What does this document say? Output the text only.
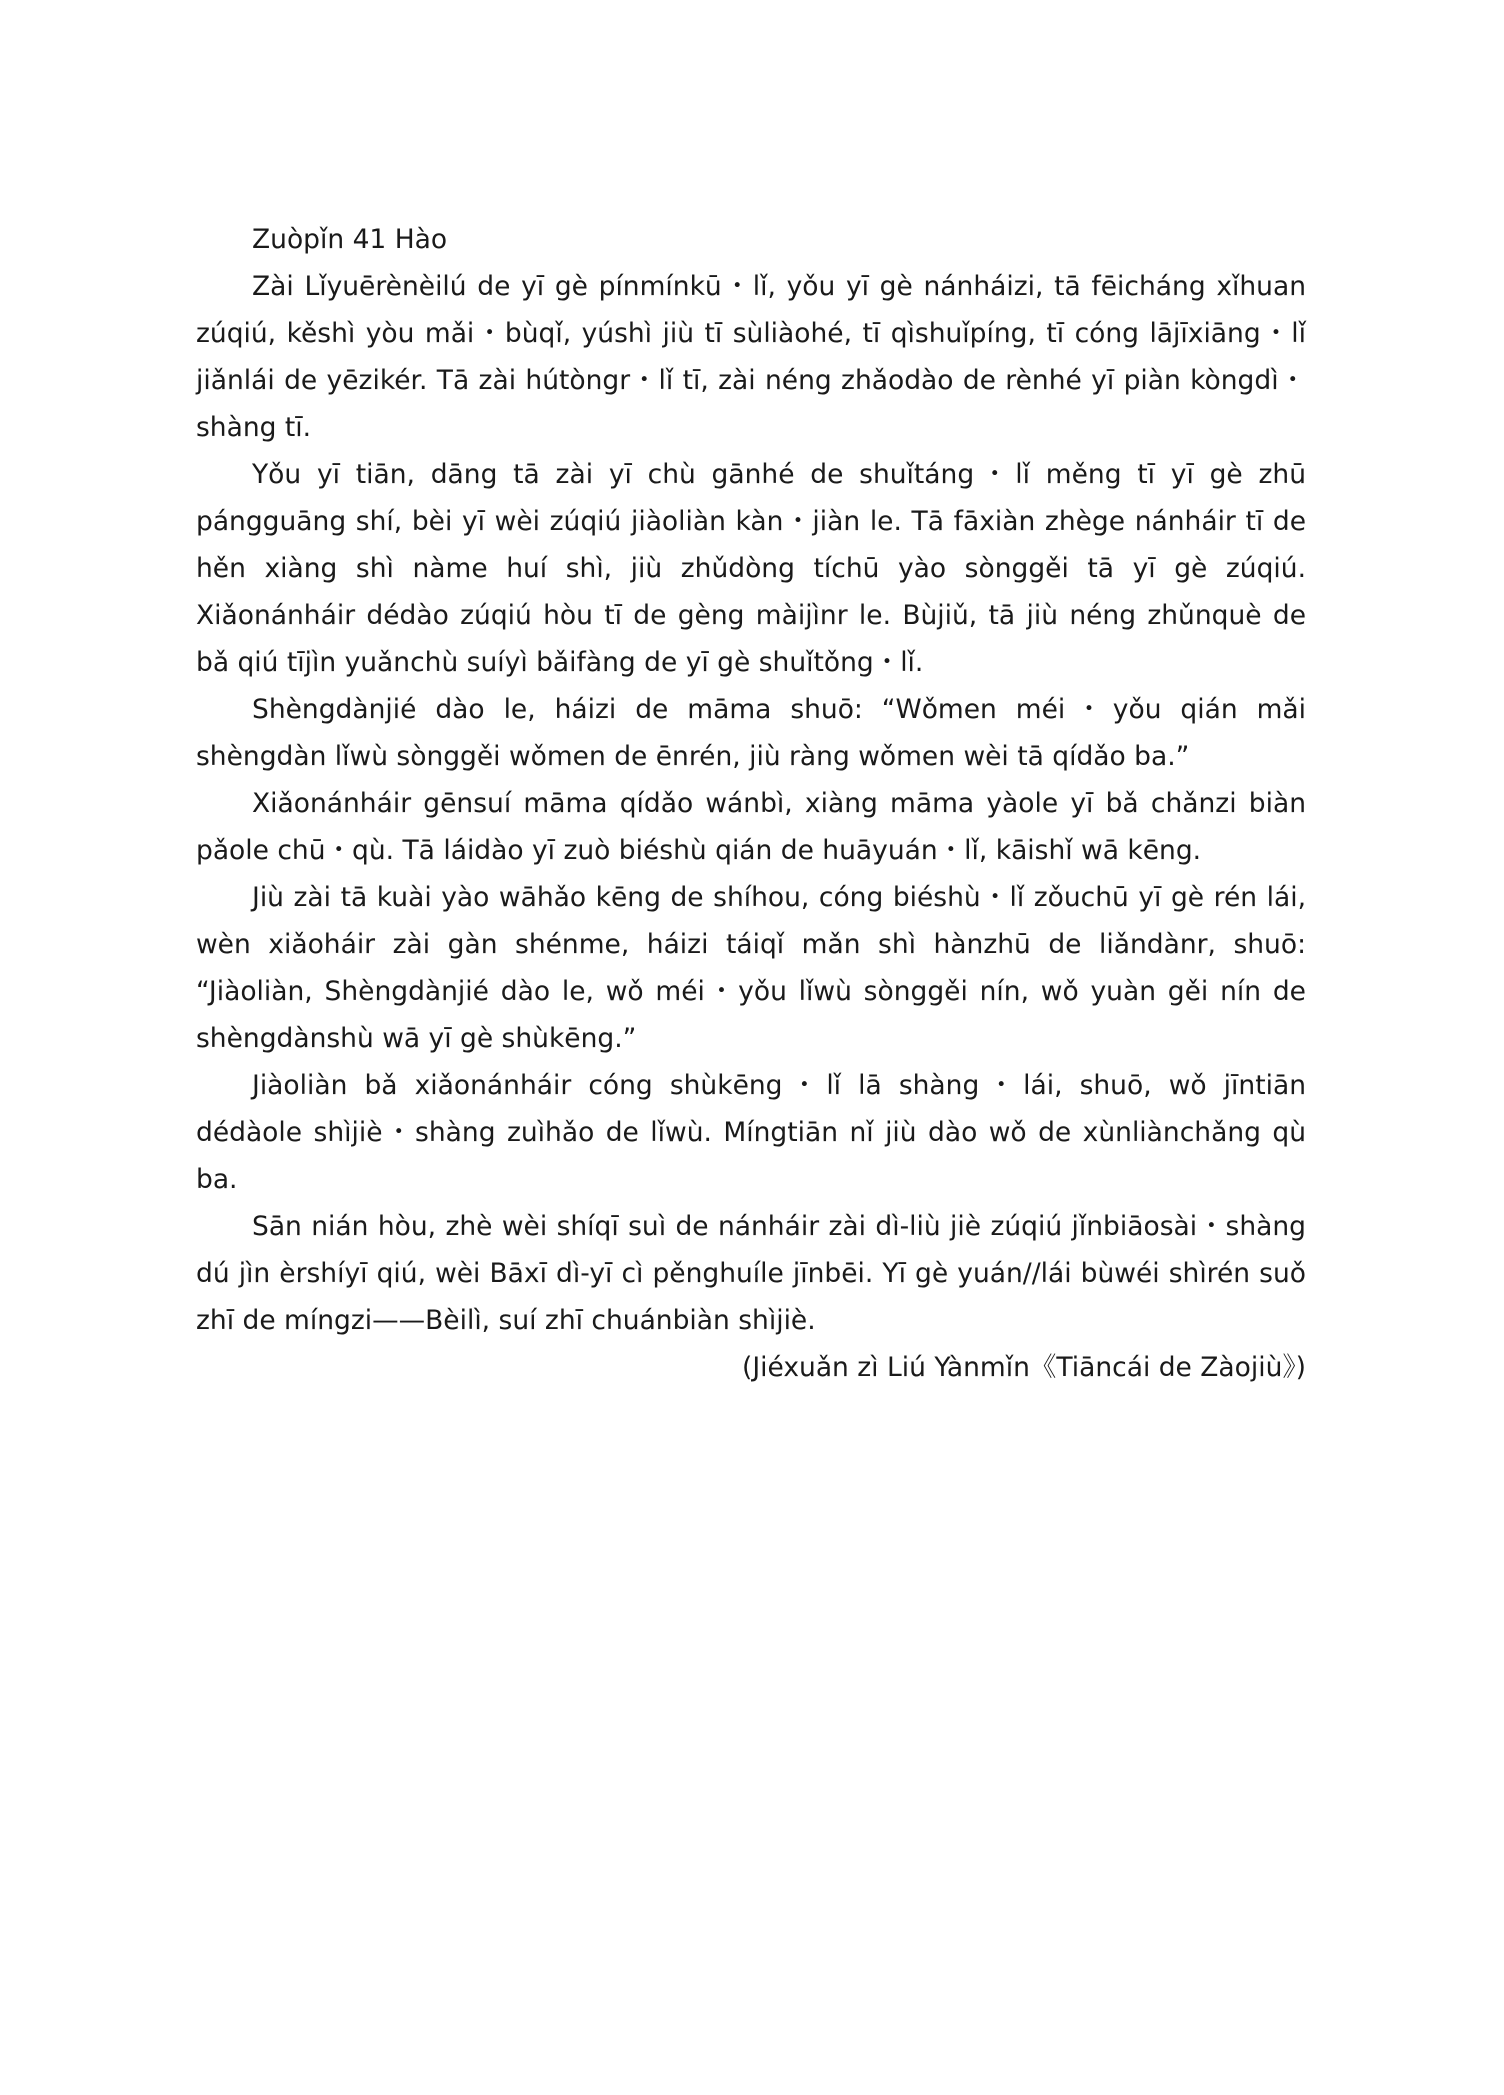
Zuòpǐn 41 Hào

Zài Lǐyuērènèilú de yī gè pínmínkū・lǐ, yǒu yī gè nánháizi, tā fēicháng xǐhuan zúqiú, kěshì yòu mǎi・bùqǐ, yúshì jiù tī sùliàohé, tī qìshuǐpíng, tī cóng lājīxiāng・lǐ jiǎnlái de yēzikér. Tā zài hútòngr・lǐ tī, zài néng zhǎodào de rènhé yī piàn kòngdì・shàng tī.

Yǒu yī tiān, dāng tā zài yī chù gānhé de shuǐtáng・lǐ měng tī yī gè zhū pángguāng shí, bèi yī wèi zúqiú jiàoliàn kàn・jiàn le. Tā fāxiàn zhège nánháir tī de hěn xiàng shì nàme huí shì, jiù zhǔdòng tíchū yào sònggěi tā yī gè zúqiú. Xiǎonánháir dédào zúqiú hòu tī de gèng màijìnr le. Bùjiǔ, tā jiù néng zhǔnquè de bǎ qiú tījìn yuǎnchù suíyì bǎifàng de yī gè shuǐtǒng・lǐ.

Shèngdànjié dào le, háizi de māma shuō: “Wǒmen méi・yǒu qián mǎi shèngdàn lǐwù sònggěi wǒmen de ēnrén, jiù ràng wǒmen wèi tā qídǎo ba.”

Xiǎonánháir gēnsuí māma qídǎo wánbì, xiàng māma yàole yī bǎ chǎnzi biàn pǎole chū・qù. Tā láidào yī zuò biéshù qián de huāyuán・lǐ, kāishǐ wā kēng.

Jiù zài tā kuài yào wāhǎo kēng de shíhou, cóng biéshù・lǐ zǒuchū yī gè rén lái, wèn xiǎoháir zài gàn shénme, háizi táiqǐ mǎn shì hànzhū de liǎndànr, shuō: “Jiàoliàn, Shèngdànjié dào le, wǒ méi・yǒu lǐwù sònggěi nín, wǒ yuàn gěi nín de shèngdànshù wā yī gè shùkēng.”

Jiàoliàn bǎ xiǎonánháir cóng shùkēng・lǐ lā shàng・lái, shuō, wǒ jīntiān dédàole shìjiè・shàng zuìhǎo de lǐwù. Míngtiān nǐ jiù dào wǒ de xùnliànchǎng qù ba.

Sān nián hòu, zhè wèi shíqī suì de nánháir zài dì-liù jiè zúqiú jǐnbiāosài・shàng dú jìn èrshíyī qiú, wèi Bāxī dì-yī cì pěnghuíle jīnbēi. Yī gè yuán//lái bùwéi shìrén suǒ zhī de míngzi——Bèilì, suí zhī chuánbiàn shìjiè.

(Jiéxuǎn zì Liú Yànmǐn《Tiāncái de Zàojiù》)
